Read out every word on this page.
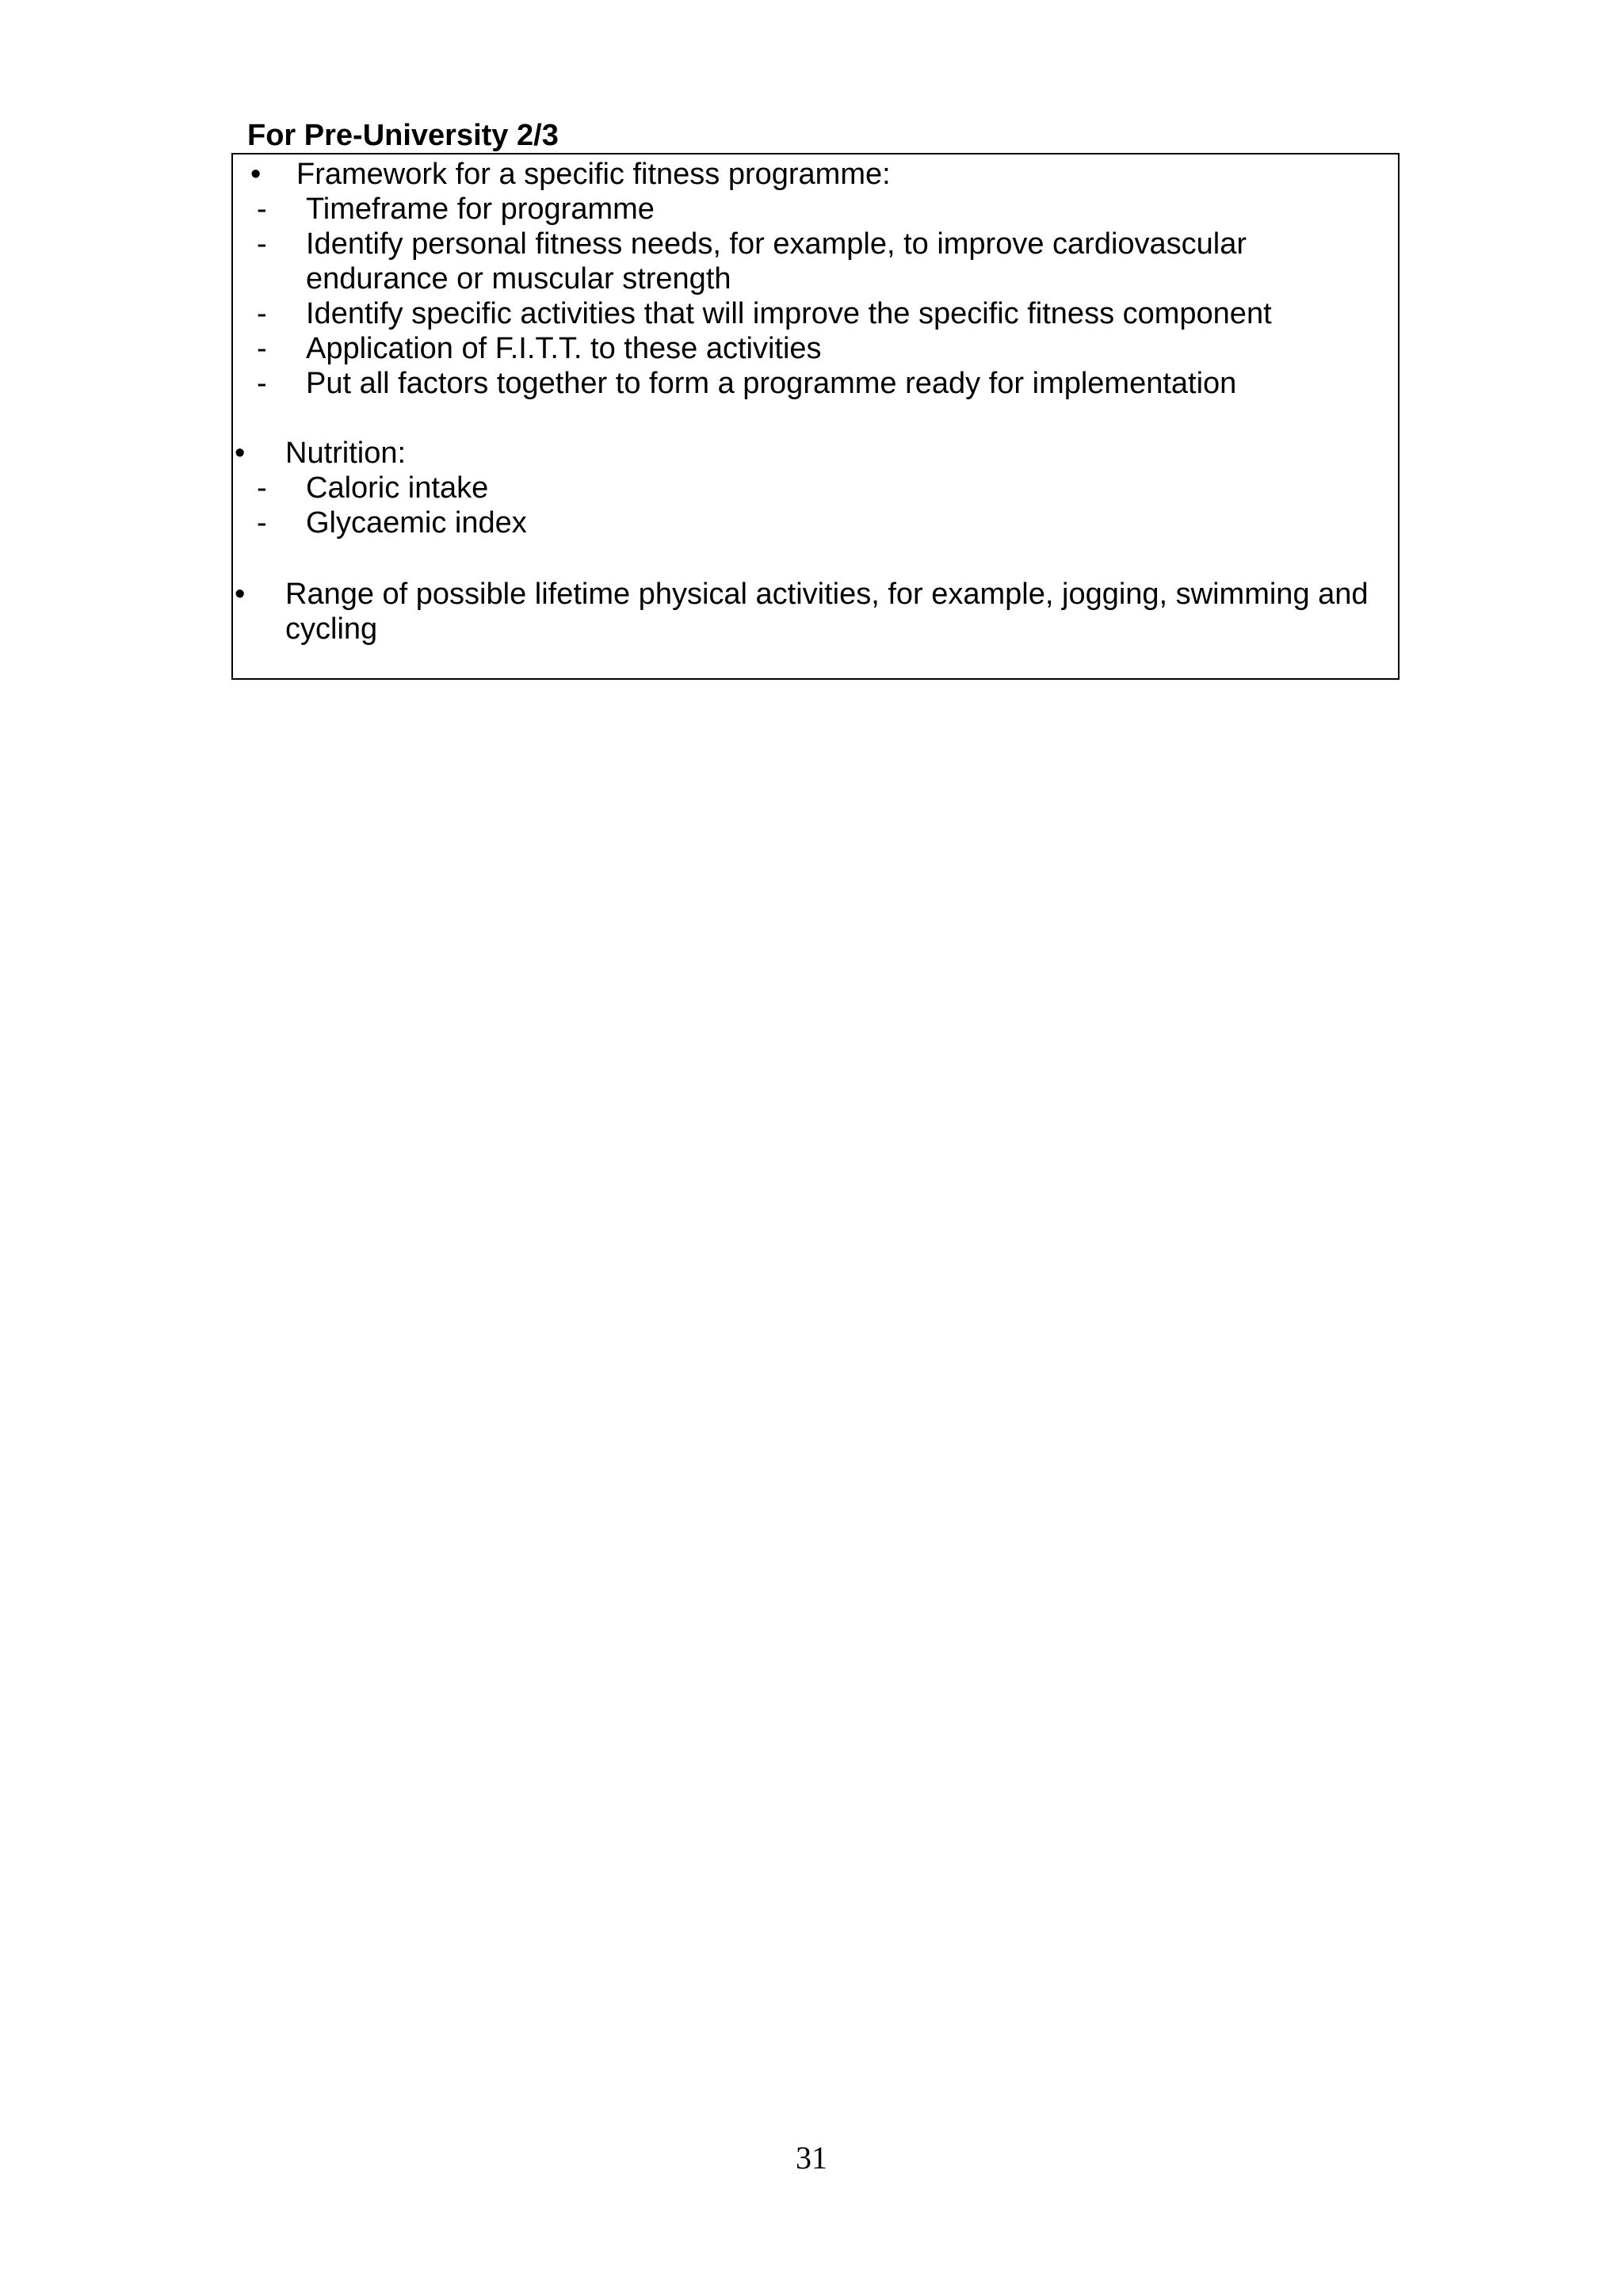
For Pre-University 2/3
• Framework for a specific fitness programme:
- Timeframe for programme
- Identify personal fitness needs, for example, to improve cardiovascular
endurance or muscular strength
- Identify specific activities that will improve the specific fitness component
- Application of F.I.T.T. to these activities
- Put all factors together to form a programme ready for implementation
• Nutrition:
- Caloric intake
- Glycaemic index
• Range of possible lifetime physical activities, for example, jogging, swimming and
cycling
31
